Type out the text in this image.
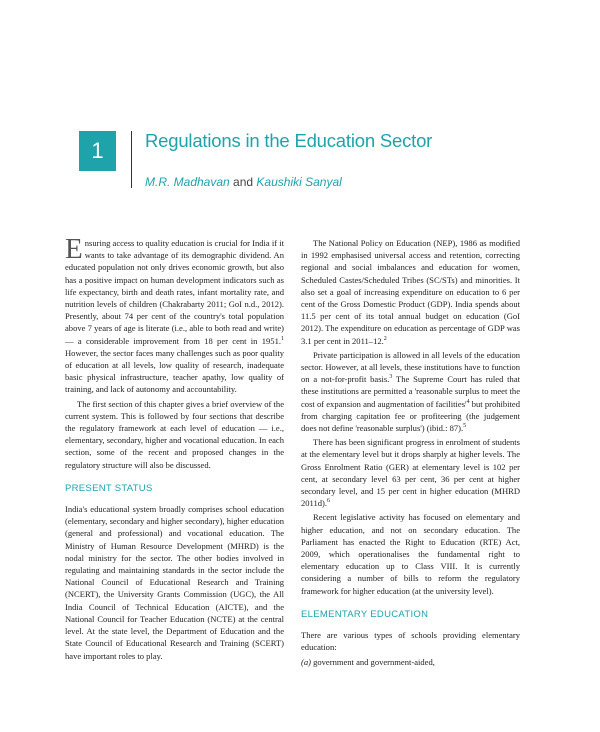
1	Regulations in the Education Sector
M.R. Madhavan and Kaushiki Sanyal

Ensuring access to quality education is crucial for India if it wants to take advantage of its demographic dividend. An educated population not only drives economic growth, but also has a positive impact on human development indicators such as life expectancy, birth and death rates, infant mortality rate, and nutrition levels of children (Chakrabarty 2011; GoI n.d., 2012). Presently, about 74 per cent of the country's total population above 7 years of age is literate (i.e., able to both read and write) — a considerable improvement from 18 per cent in 1951.$^1$ However, the sector faces many challenges such as poor quality of education at all levels, low quality of research, inadequate basic physical infrastructure, teacher apathy, low quality of training, and lack of autonomy and accountability.

The first section of this chapter gives a brief overview of the current system. This is followed by four sections that describe the regulatory framework at each level of education — i.e., elementary, secondary, higher and vocational education. In each section, some of the recent and proposed changes in the regulatory structure will also be discussed.

PRESENT STATUS

India's educational system broadly comprises school education (elementary, secondary and higher secondary), higher education (general and professional) and vocational education. The Ministry of Human Resource Development (MHRD) is the nodal ministry for the sector. The other bodies involved in regulating and maintaining standards in the sector include the National Council of Educational Research and Training (NCERT), the University Grants Commission (UGC), the All India Council of Technical Education (AICTE), and the National Council for Teacher Education (NCTE) at the central level. At the state level, the Department of Education and the State Council of Educational Research and Training (SCERT) have important roles to play.

The National Policy on Education (NEP), 1986 as modified in 1992 emphasised universal access and retention, correcting regional and social imbalances and education for women, Scheduled Castes/Scheduled Tribes (SC/STs) and minorities. It also set a goal of increasing expenditure on education to 6 per cent of the Gross Domestic Product (GDP). India spends about 11.5 per cent of its total annual budget on education (GoI 2012). The expenditure on education as percentage of GDP was 3.1 per cent in 2011–12.$^2$

Private participation is allowed in all levels of the education sector. However, at all levels, these institutions have to function on a not-for-profit basis.$^3$ The Supreme Court has ruled that these institutions are permitted a 'reasonable surplus to meet the cost of expansion and augmentation of $facilities'^4$ but prohibited from charging capitation fee or profiteering (the judgement does not define 'reasonable surplus') (ibid.: 87).$^5$

There has been significant progress in enrolment of students at the elementary level but it drops sharply at higher levels. The Gross Enrolment Ratio (GER) at elementary level is 102 per cent, at secondary level 63 per cent, 36 per cent at higher secondary level, and 15 per cent in higher education (MHRD 2011d).$^6$

Recent legislative activity has focused on elementary and higher education, and not on secondary education. The Parliament has enacted the Right to Education (RTE) Act, 2009, which operationalises the fundamental right to elementary education up to Class VIII. It is currently considering a number of bills to reform the regulatory framework for higher education (at the university level).

ELEMENTARY EDUCATION

There are various types of schools providing elementary education:

(a) government and government-aided,
